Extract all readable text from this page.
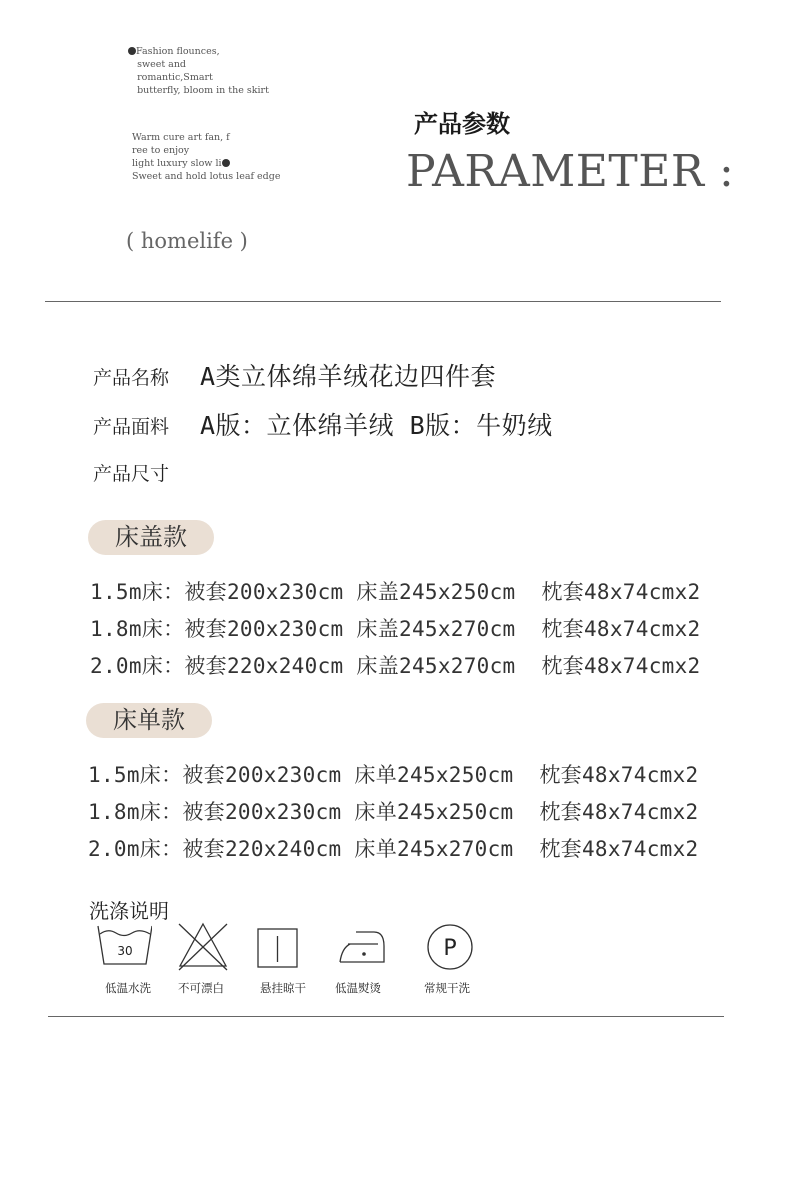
Fashion flounces,
sweet and
romantic,Smart
butterfly, bloom in the skirt
Warm cure art fan, f
ree to enjoy
light luxury slow li
Sweet and hold lotus leaf edge
产品参数
PARAMETER :
( homelife )
产品名称 A类立体绵羊绒花边四件套
产品面料 A版：立体绵羊绒 B版：牛奶绒
产品尺寸
床盖款
1.5m床：被套200x230cm 床盖245x250cm  枕套48x74cmx2
1.8m床：被套200x230cm 床盖245x270cm  枕套48x74cmx2
2.0m床：被套220x240cm 床盖245x270cm  枕套48x74cmx2
床单款
1.5m床：被套200x230cm 床单245x250cm  枕套48x74cmx2
1.8m床：被套200x230cm 床单245x250cm  枕套48x74cmx2
2.0m床：被套220x240cm 床单245x270cm  枕套48x74cmx2
洗涤说明
30	P
低温水洗	不可漂白	悬挂晾干	低温熨烫	常规干洗
